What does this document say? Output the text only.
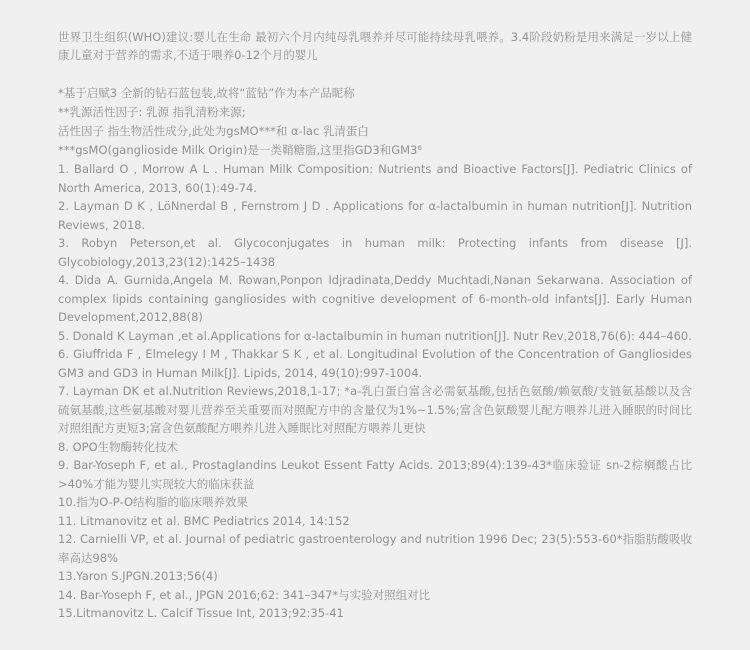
世界卫生组织(WHO)建议:婴儿在生命 最初六个月内纯母乳喂养并尽可能持续母乳喂养。3.4阶段奶粉是用来满足一岁以上健康儿童对于营养的需求,不适于喂养0-12个月的婴儿

*基于启赋3 全新的钻石蓝包装,故将“蓝钻”作为本产品昵称

**乳源活性因子: 乳源 指乳清粉来源;

活性因子 指生物活性成分,此处为gsMO***和 α-lac 乳清蛋白

***gsMO(ganglioside Milk Origin)是一类鞘糖脂,这里指GD3和GM3⁶

1. Ballard O , Morrow A L . Human Milk Composition: Nutrients and Bioactive Factors[J]. Pediatric Clinics of North America, 2013, 60(1):49-74.
2. Layman D K , LöNnerdal B , Fernstrom J D . Applications for α-lactalbumin in human nutrition[J]. Nutrition Reviews, 2018.
3. Robyn Peterson,et al. Glycoconjugates in human milk: Protecting infants from disease [J]. Glycobiology,2013,23(12):1425–1438
4. Dida A. Gurnida,Angela M. Rowan,Ponpon Idjradinata,Deddy Muchtadi,Nanan Sekarwana. Association of complex lipids containing gangliosides with cognitive development of 6-month-old infants[J]. Early Human Development,2012,88(8)
5. Donald K Layman ,et al.Applications for α-lactalbumin in human nutrition[J]. Nutr Rev,2018,76(6): 444–460.
6. Giuffrida F , Elmelegy I M , Thakkar S K , et al. Longitudinal Evolution of the Concentration of Gangliosides GM3 and GD3 in Human Milk[J]. Lipids, 2014, 49(10):997-1004.
7. Layman DK et al.Nutrition Reviews,2018,1-17; *a-乳白蛋白富含必需氨基酸,包括色氨酸/赖氨酸/支链氨基酸以及含硫氨基酸,这些氨基酸对婴儿营养至关重要而对照配方中的含量仅为1%~1.5%;富含色氨酸婴儿配方喂养儿进入睡眠的时间比对照组配方更短3;富含色氨酸配方喂养儿进入睡眠比对照配方喂养儿更快
8. OPO生物酶转化技术
9. Bar-Yoseph F, et al., Prostaglandins Leukot Essent Fatty Acids. 2013;89(4):139-43*临床验证 sn-2棕榈酸占比>40%才能为婴儿实现较大的临床获益
10.指为O-P-O结构脂的临床喂养效果
11. Litmanovitz et al. BMC Pediatrics 2014, 14:152
12. Carnielli VP, et al. Journal of pediatric gastroenterology and nutrition 1996 Dec; 23(5):553-60*指脂肪酸吸收率高达98%
13.Yaron S.JPGN.2013;56(4)
14. Bar-Yoseph F, et al., JPGN 2016;62: 341–347*与实验对照组对比
15.Litmanovitz L. Calcif Tissue Int, 2013;92:35-41
